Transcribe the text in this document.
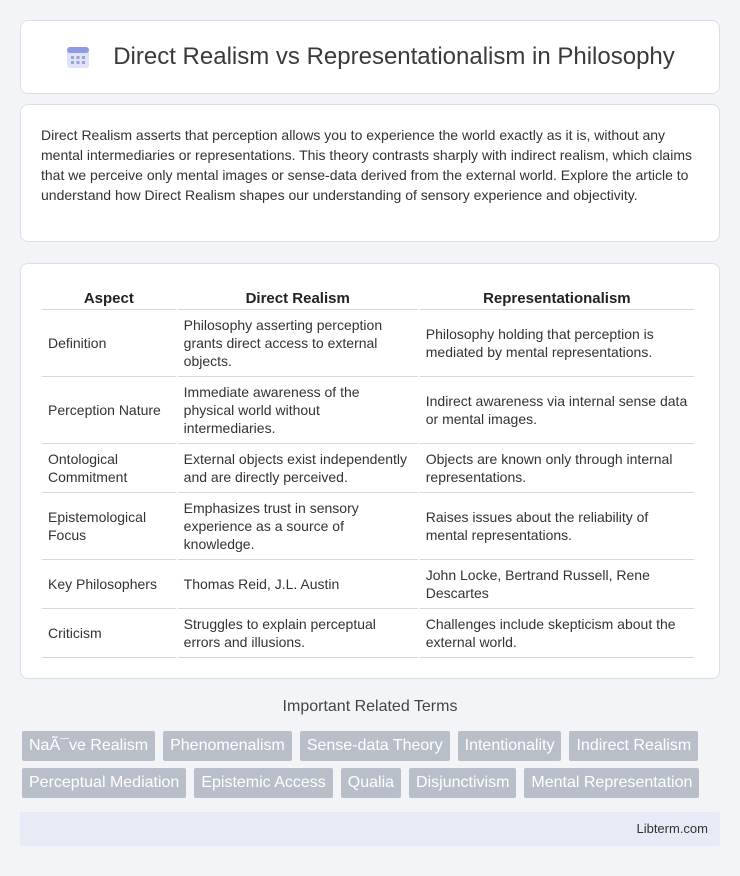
Direct Realism vs Representationalism in Philosophy

Direct Realism asserts that perception allows you to experience the world exactly as it is, without any mental intermediaries or representations. This theory contrasts sharply with indirect realism, which claims that we perceive only mental images or sense-data derived from the external world. Explore the article to understand how Direct Realism shapes our understanding of sensory experience and objectivity.

Aspect	Direct Realism	Representationalism
Definition	Philosophy asserting perception grants direct access to external objects.	Philosophy holding that perception is mediated by mental representations.
Perception Nature	Immediate awareness of the physical world without intermediaries.	Indirect awareness via internal sense data or mental images.
Ontological Commitment	External objects exist independently and are directly perceived.	Objects are known only through internal representations.
Epistemological Focus	Emphasizes trust in sensory experience as a source of knowledge.	Raises issues about the reliability of mental representations.
Key Philosophers	Thomas Reid, J.L. Austin	John Locke, Bertrand Russell, Rene Descartes
Criticism	Struggles to explain perceptual errors and illusions.	Challenges include skepticism about the external world.
Important Related Terms
NaÃ¯ve Realism	Phenomenalism	Sense-data Theory	Intentionality	Indirect Realism
Perceptual Mediation	Epistemic Access	Qualia	Disjunctivism	Mental Representation
Libterm.com
